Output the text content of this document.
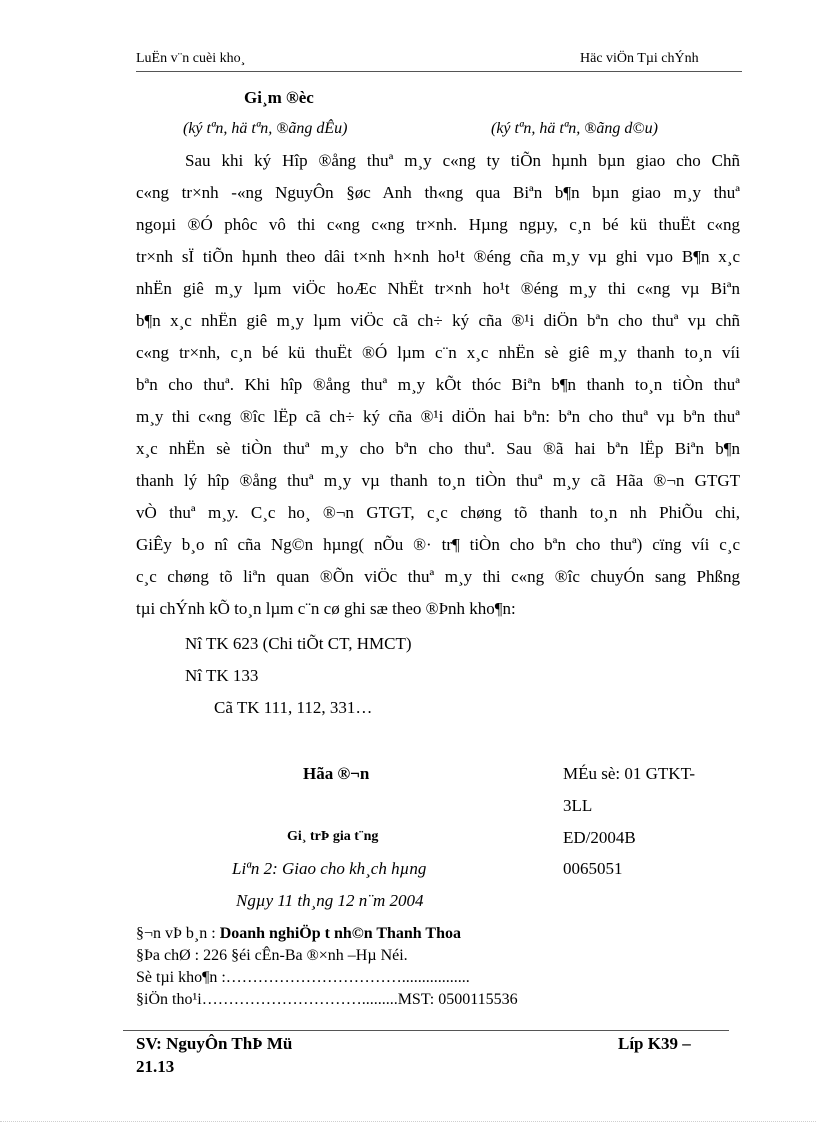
LuËn v¨n cuèi kho¸	Häc viÖn Tµi chÝnh
Gi¸m ®èc
(ký tªn, hä tªn, ®ãng dÊu)	(ký tªn, hä tªn, ®ãng d©u)
Sau khi ký Hîp ®ång thuª m¸y c«ng ty tiÕn hµnh bµn giao cho Chñ
c«ng tr×nh -«ng NguyÔn §øc Anh th«ng qua Biªn b¶n bµn giao m¸y thuª
ngoµi ®Ó phôc vô thi c«ng c«ng tr×nh. Hµng ngµy, c¸n bé kü thuËt c«ng
tr×nh sÏ tiÕn hµnh theo dâi t×nh h×nh ho¹t ®éng cña m¸y vµ ghi vµo B¶n x¸c
nhËn giê m¸y lµm viÖc hoÆc NhËt tr×nh ho¹t ®éng m¸y thi c«ng vµ Biªn
b¶n x¸c nhËn giê m¸y lµm viÖc cã ch÷ ký cña ®¹i diÖn bªn cho thuª vµ chñ
c«ng tr×nh, c¸n bé kü thuËt ®Ó lµm c¨n x¸c nhËn sè giê m¸y thanh to¸n víi
bªn cho thuª. Khi hîp ®ång thuª m¸y kÕt thóc Biªn b¶n thanh to¸n tiÒn thuª
m¸y thi c«ng ®îc lËp cã ch÷ ký cña ®¹i diÖn hai bªn: bªn cho thuª vµ bªn thuª
x¸c nhËn sè tiÒn thuª m¸y cho bªn cho thuª. Sau ®ã hai bªn lËp Biªn b¶n
thanh lý hîp ®ång thuª m¸y vµ thanh to¸n tiÒn thuª m¸y cã Hãa ®¬n GTGT
vÒ thuª m¸y. C¸c ho¸ ®¬n GTGT, c¸c chøng tõ thanh to¸n nh PhiÕu chi,
GiÊy b¸o nî cña Ng©n hµng( nÕu ®· tr¶ tiÒn cho bªn cho thuª) cïng víi c¸c
c¸c chøng tõ liªn quan ®Õn viÖc thuª m¸y thi c«ng ®îc chuyÓn sang Phßng
tµi chÝnh kÕ to¸n lµm c¨n cø ghi sæ theo ®Þnh kho¶n:
Nî TK 623 (Chi tiÕt CT, HMCT)
Nî TK 133
Cã TK 111, 112, 331…
Hãa ®¬n
Gi¸ trÞ gia t¨ng
Liªn 2: Giao cho kh¸ch hµng
Ngµy 11 th¸ng 12 n¨m 2004
MÉu sè: 01 GTKT-
3LL
ED/2004B
0065051
§¬n vÞ b¸n : Doanh nghiÖp t nh©n Thanh Thoa
§Þa chØ : 226 §éi cÊn-Ba ®×nh –Hµ Néi.
Sè tµi kho¶n :…………………………….................
§iÖn tho¹i………………………….........MST: 0500115536
SV: NguyÔn ThÞ Mü
21.13
Líp K39 –
